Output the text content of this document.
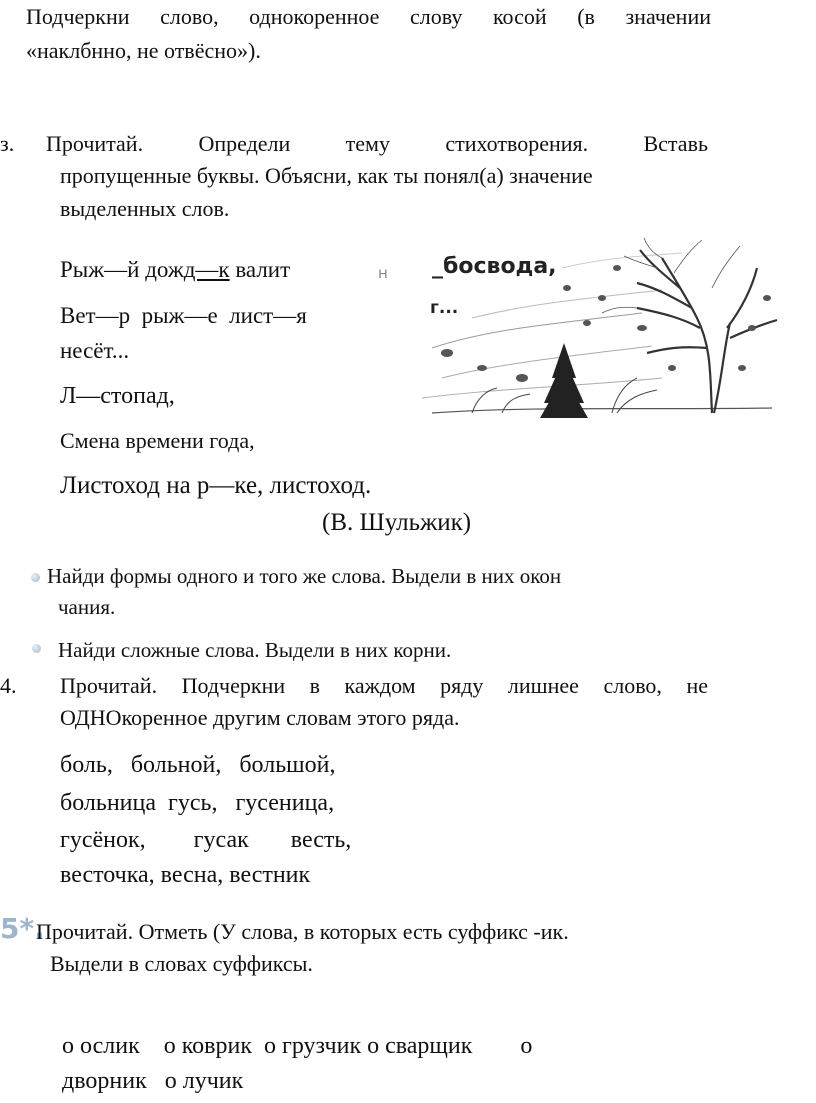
Подчеркни слово, однокоренное слову косой (в значении
«наклбнно, не отвёсно»).
з. Прочитай. Определи тему стихотворения. Вставь
пропущенные буквы. Объясни, как ты понял(а) значение
выделенных слов.
Рыж—й дожд—к валит	н
Вет—р  рыж—е  лист—я
несёт...
Л—стопад,
Смена времени года,
Листоход на р—ке, листоход.
(В. Шульжик)
_босвода,
г...
Найди формы одного и того же слова. Выдели в них окон
чания.
Найди сложные слова. Выдели в них корни.
4. Прочитай. Подчеркни в каждом ряду лишнее слово, не
ОДНОкоренное другим словам этого ряда.
боль,   больной,   большой,
больница  гусь,   гусеница,
гусёнок,        гусак       весть,
весточка, весна, вестник
5*.
Прочитай. Отметь (У слова, в которых есть суффикс -ик.
Выдели в словах суффиксы.
о ослик    о коврик  о грузчик о сварщик        о
дворник   о лучик
